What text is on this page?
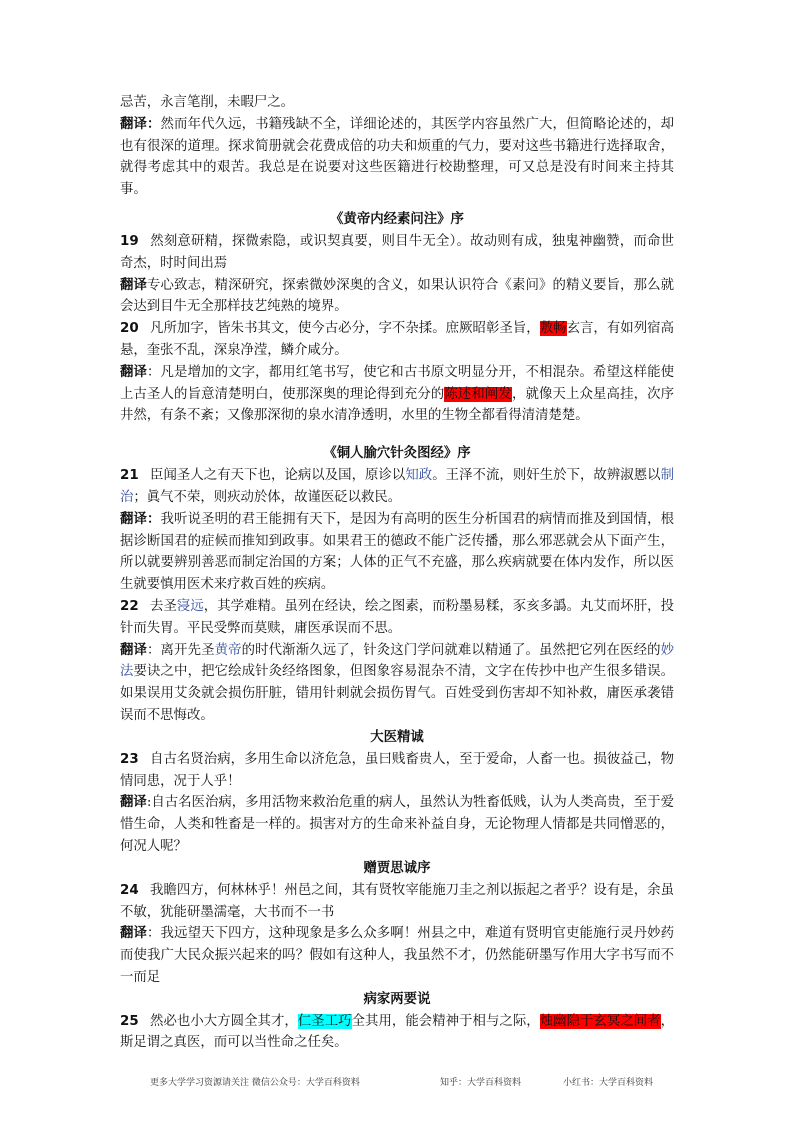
忌苦，永言笔削，未暇尸之。

翻译：然而年代久远，书籍残缺不全，详细论述的，其医学内容虽然广大，但简略论述的，却也有很深的道理。探求简册就会花费成倍的功夫和烦重的气力，要对这些书籍进行选择取舍，就得考虑其中的艰苦。我总是在说要对这些医籍进行校勘整理，可又总是没有时间来主持其事。

《黄帝内经素问注》序

19 然刻意研精，探微索隐，或识契真要，则目牛无全）。故动则有成，独鬼神幽赞，而命世奇杰，时时间出焉

翻译专心致志，精深研究，探索微妙深奥的含义，如果认识符合《素问》的精义要旨，那么就会达到目牛无全那样技艺纯熟的境界。

20 凡所加字，皆朱书其文，使今古必分，字不杂揉。庶厥昭彰圣旨，敷畅玄言，有如列宿高悬，奎张不乱，深泉净滢，鳞介咸分。

翻译：凡是增加的文字，都用红笔书写，使它和古书原文明显分开，不相混杂。希望这样能使上古圣人的旨意清楚明白，使那深奥的理论得到充分的陈述和阐发，就像天上众星高挂，次序井然，有条不紊；又像那深彻的泉水清净透明，水里的生物全都看得清清楚楚。

《铜人腧穴针灸图经》序

21 臣闻圣人之有天下也，论病以及国，原诊以知政。王泽不流，则奸生於下，故辨淑慝以制治；眞气不荣，则疢动於体，故谨医砭以救民。

翻译：我听说圣明的君王能拥有天下，是因为有高明的医生分析国君的病情而推及到国情，根据诊断国君的症候而推知到政事。如果君王的德政不能广泛传播，那么邪恶就会从下面产生，所以就要辨别善恶而制定治国的方案；人体的正气不充盛，那么疾病就要在体内发作，所以医生就要慎用医术来疗救百姓的疾病。

22 去圣寖远，其学难精。虽列在经诀，绘之图素，而粉墨易糅，豕亥多譌。丸艾而坏肝，投针而失胃。平民受弊而莫赎，庸医承误而不思。

翻译：离开先圣黄帝的时代渐渐久远了，针灸这门学问就难以精通了。虽然把它列在医经的妙法要诀之中，把它绘成针灸经络图象，但图象容易混杂不清，文字在传抄中也产生很多错误。如果误用艾灸就会损伤肝脏，错用针刺就会损伤胃气。百姓受到伤害却不知补救，庸医承袭错误而不思悔改。

大医精诚

23 自古名贤治病，多用生命以济危急，虽曰贱畜贵人，至于爱命，人畜一也。损彼益己，物情同患，况于人乎！

翻译:自古名医治病，多用活物来救治危重的病人，虽然认为牲畜低贱，认为人类高贵，至于爱惜生命，人类和牲畜是一样的。损害对方的生命来补益自身，无论物理人情都是共同憎恶的，何况人呢？

赠贾思诚序

24 我瞻四方，何林林乎！州邑之间，其有贤牧宰能施刀圭之剂以振起之者乎？设有是，余虽不敏，犹能研墨濡毫，大书而不一书

翻译：我远望天下四方，这种现象是多么众多啊！州县之中，难道有贤明官吏能施行灵丹妙药而使我广大民众振兴起来的吗？假如有这种人，我虽然不才，仍然能研墨写作用大字书写而不一而足

病家两要说

25 然必也小大方圆全其才，仁圣工巧全其用，能会精神于相与之际，烛幽隐于玄冥之间者，斯足谓之真医，而可以当性命之任矣。

更多大学学习资源请关注 微信公众号：大学百科资料	知乎：大学百科资料	小红书：大学百科资料
